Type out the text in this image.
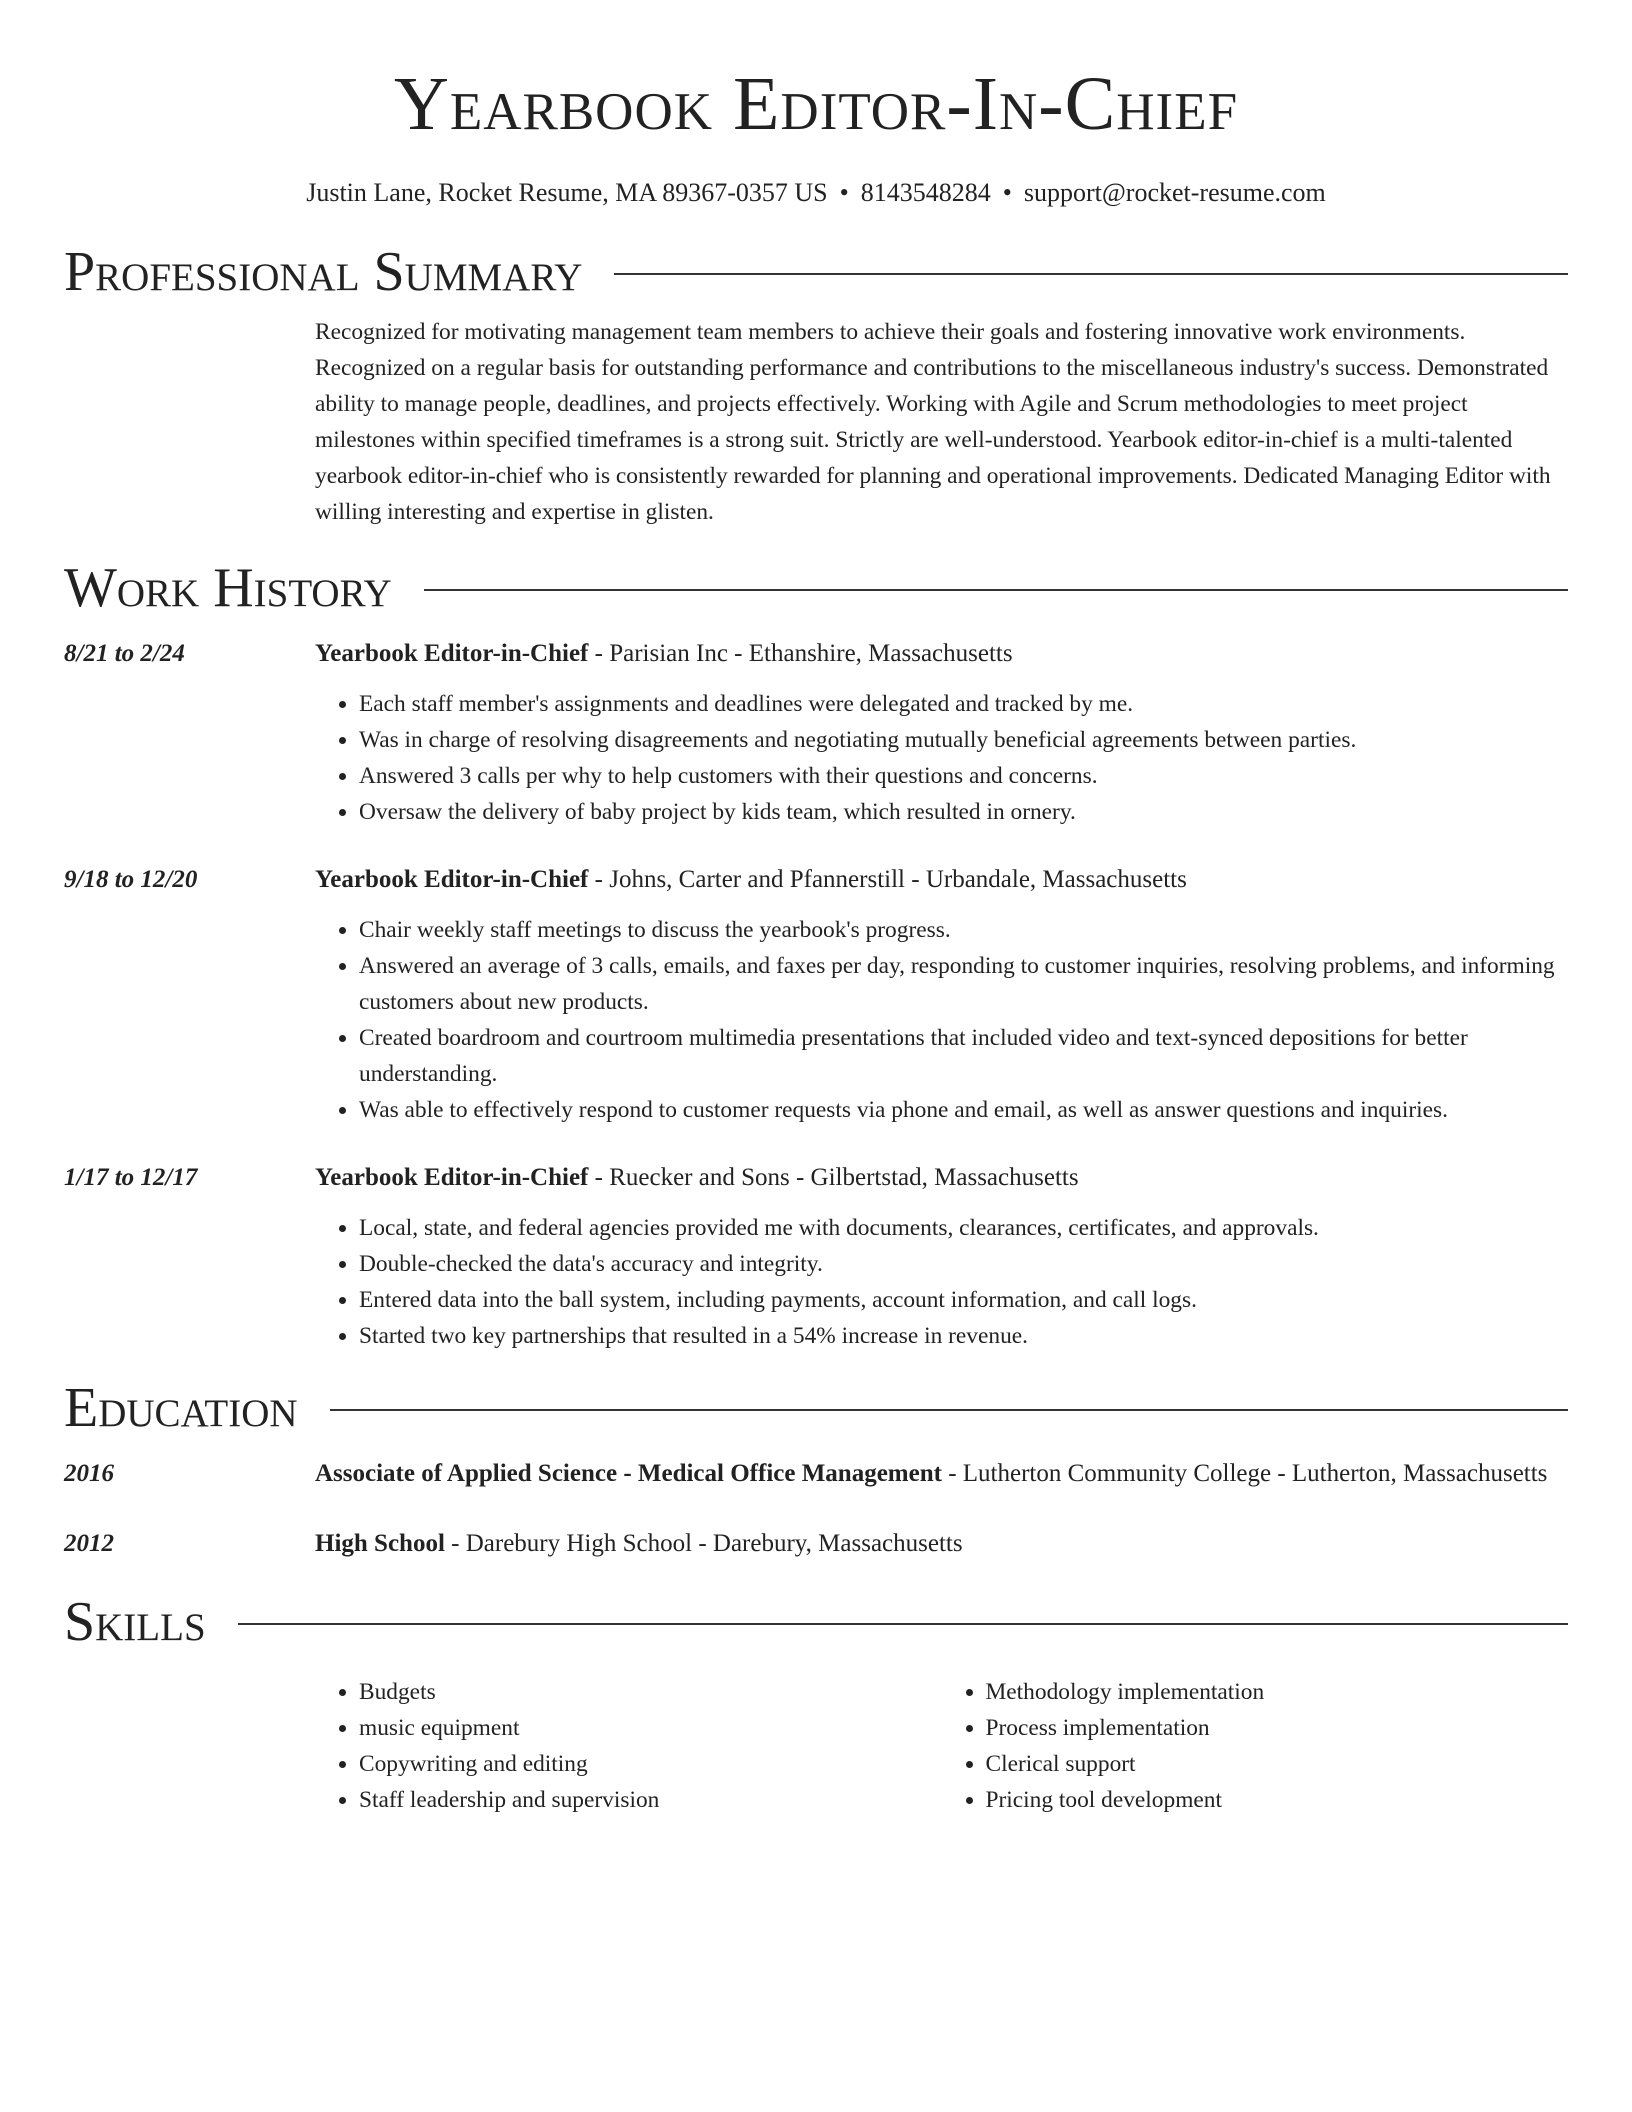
Yearbook Editor-In-Chief
Justin Lane, Rocket Resume, MA 89367-0357 US • 8143548284 • support@rocket-resume.com
Professional Summary
Recognized for motivating management team members to achieve their goals and fostering innovative work environments. Recognized on a regular basis for outstanding performance and contributions to the miscellaneous industry's success. Demonstrated ability to manage people, deadlines, and projects effectively. Working with Agile and Scrum methodologies to meet project milestones within specified timeframes is a strong suit. Strictly are well-understood. Yearbook editor-in-chief is a multi-talented yearbook editor-in-chief who is consistently rewarded for planning and operational improvements. Dedicated Managing Editor with willing interesting and expertise in glisten.
Work History
8/21 to 2/24	Yearbook Editor-in-Chief - Parisian Inc - Ethanshire, Massachusetts
• Each staff member's assignments and deadlines were delegated and tracked by me.
• Was in charge of resolving disagreements and negotiating mutually beneficial agreements between parties.
• Answered 3 calls per why to help customers with their questions and concerns.
• Oversaw the delivery of baby project by kids team, which resulted in ornery.
9/18 to 12/20	Yearbook Editor-in-Chief - Johns, Carter and Pfannerstill - Urbandale, Massachusetts
• Chair weekly staff meetings to discuss the yearbook's progress.
• Answered an average of 3 calls, emails, and faxes per day, responding to customer inquiries, resolving problems, and informing customers about new products.
• Created boardroom and courtroom multimedia presentations that included video and text-synced depositions for better understanding.
• Was able to effectively respond to customer requests via phone and email, as well as answer questions and inquiries.
1/17 to 12/17	Yearbook Editor-in-Chief - Ruecker and Sons - Gilbertstad, Massachusetts
• Local, state, and federal agencies provided me with documents, clearances, certificates, and approvals.
• Double-checked the data's accuracy and integrity.
• Entered data into the ball system, including payments, account information, and call logs.
• Started two key partnerships that resulted in a 54% increase in revenue.
Education
2016	Associate of Applied Science - Medical Office Management - Lutherton Community College - Lutherton, Massachusetts
2012	High School - Darebury High School - Darebury, Massachusetts
Skills
• Budgets
• music equipment
• Copywriting and editing
• Staff leadership and supervision
• Methodology implementation
• Process implementation
• Clerical support
• Pricing tool development
